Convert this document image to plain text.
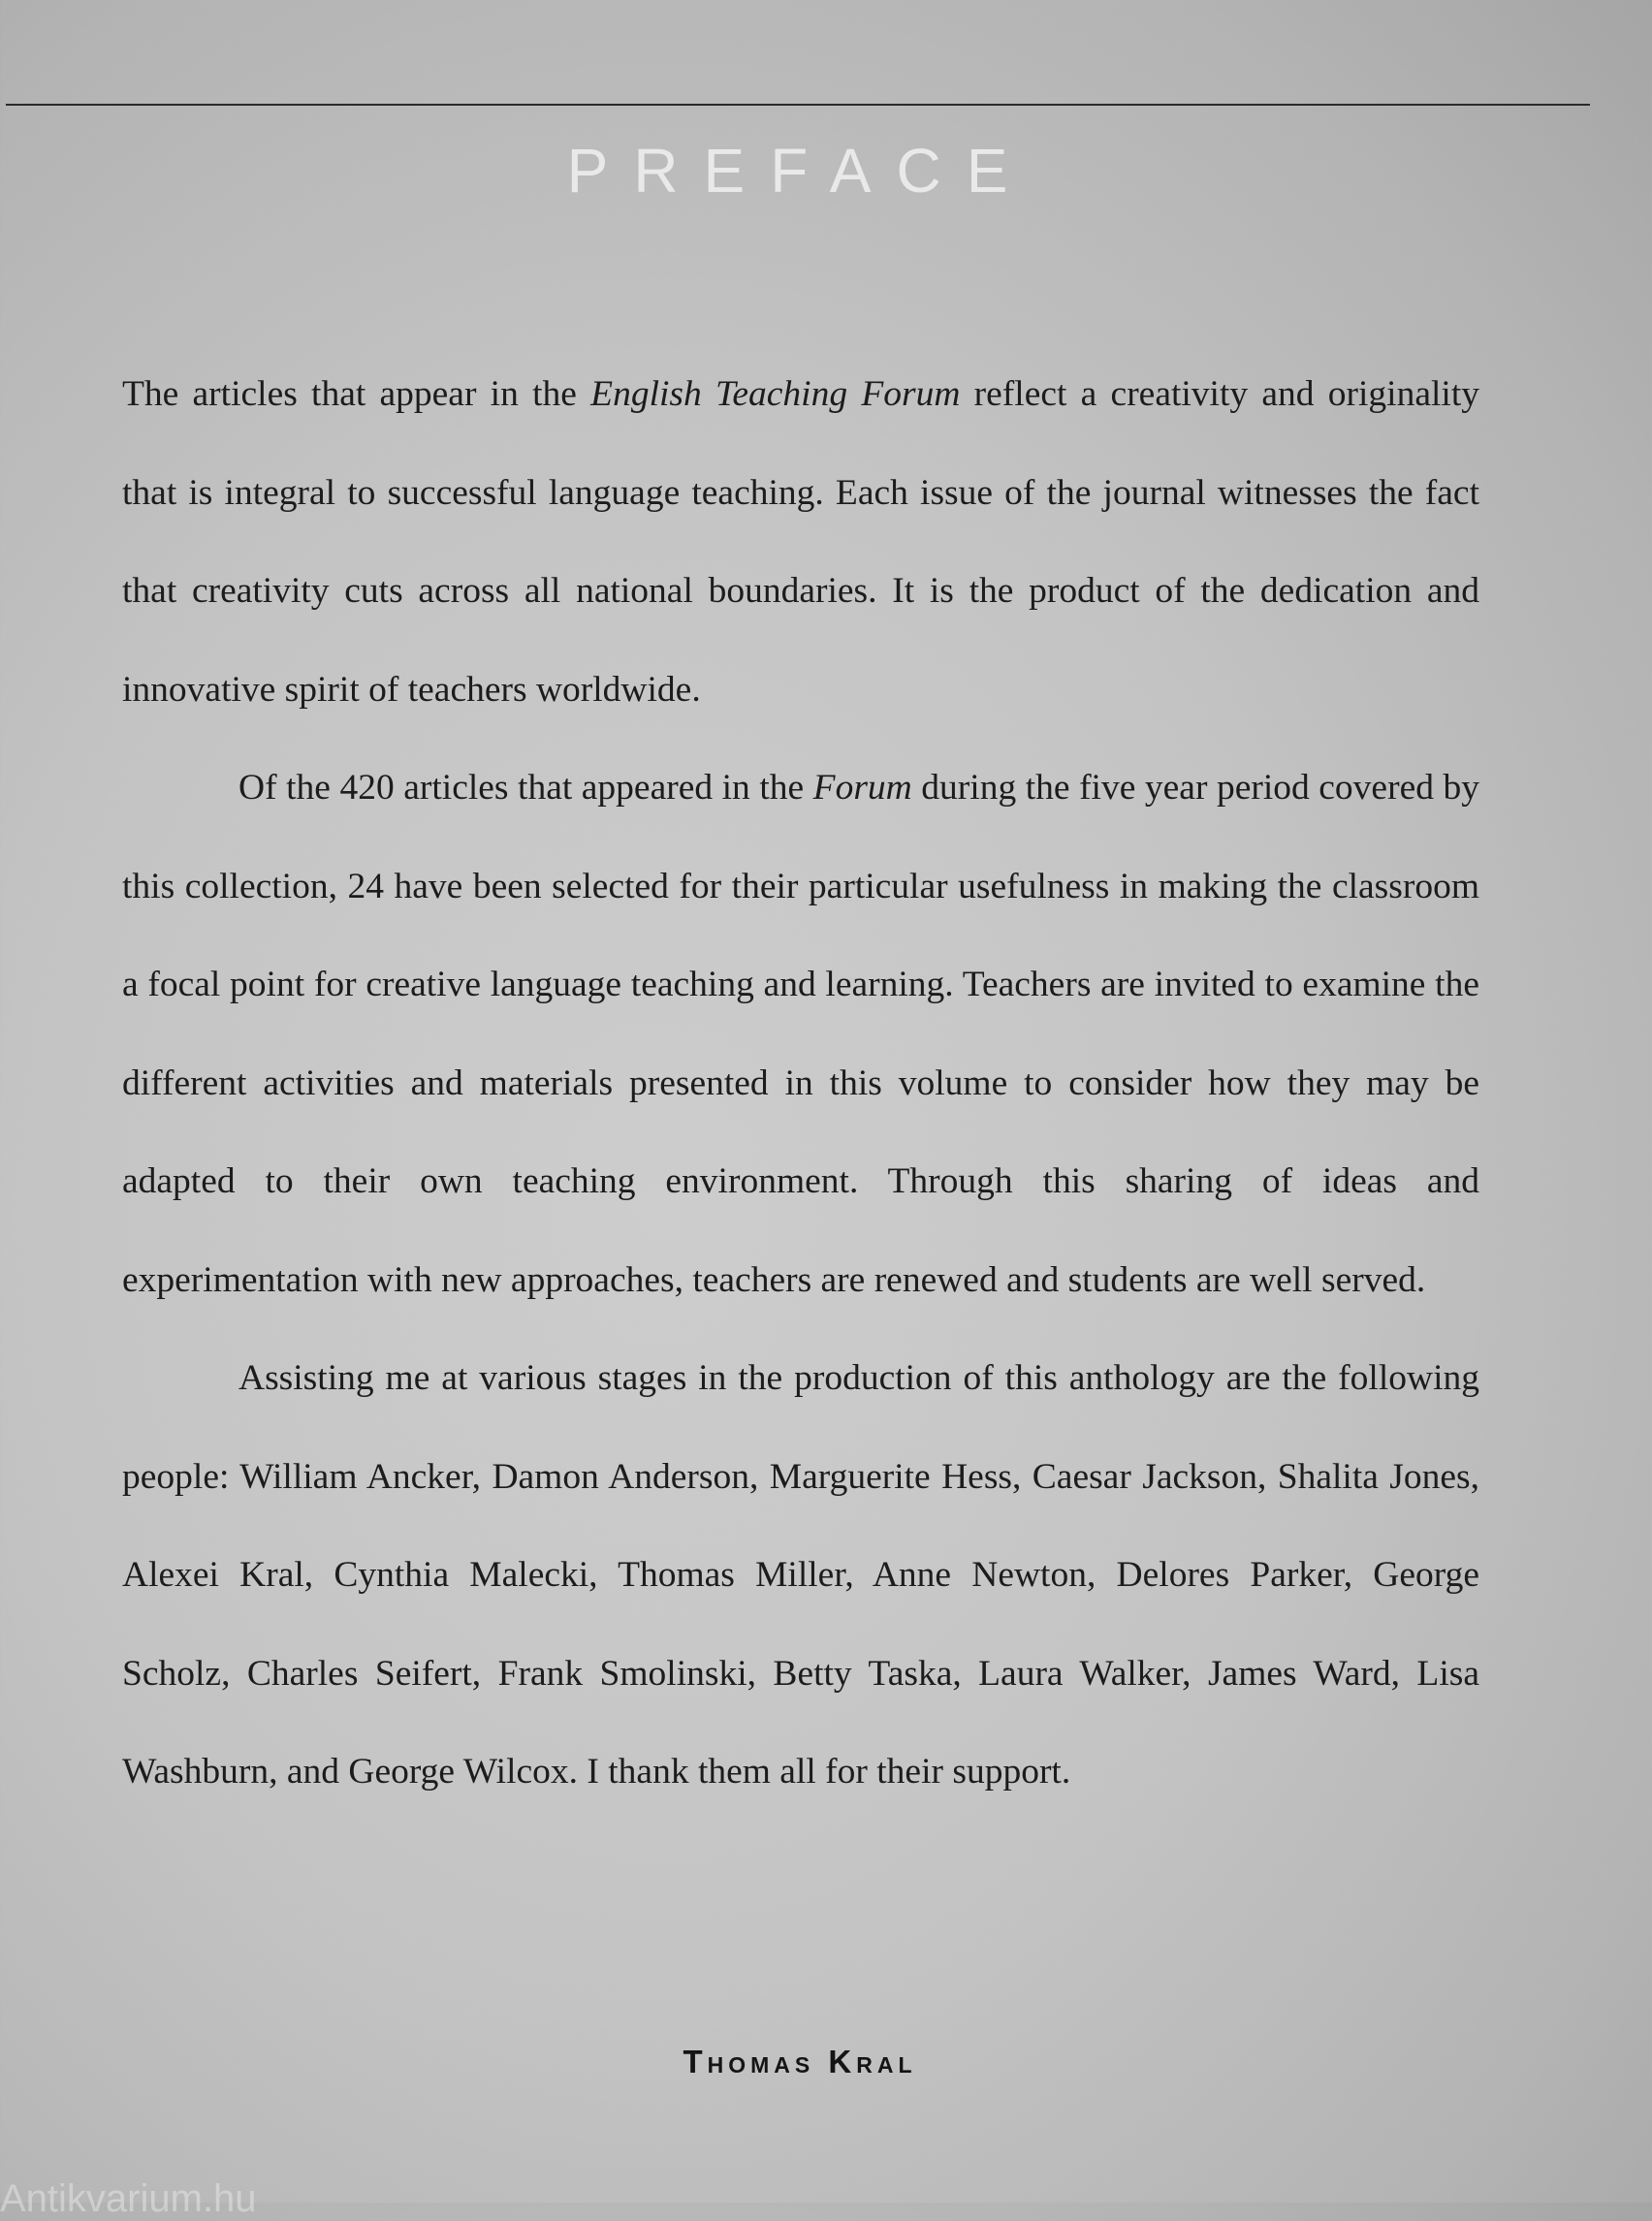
PREFACE

The articles that appear in the English Teaching Forum reflect a creativity and originality that is integral to successful language teaching. Each issue of the journal witnesses the fact that creativity cuts across all national boundaries. It is the product of the dedication and innovative spirit of teachers worldwide.

Of the 420 articles that appeared in the Forum during the five year period covered by this collection, 24 have been selected for their particular usefulness in making the classroom a focal point for creative language teaching and learning. Teachers are invited to examine the different activities and materials presented in this volume to consider how they may be adapted to their own teaching environment. Through this sharing of ideas and experimentation with new approaches, teachers are renewed and students are well served.

Assisting me at various stages in the production of this anthology are the following people: William Ancker, Damon Anderson, Marguerite Hess, Caesar Jackson, Shalita Jones, Alexei Kral, Cynthia Malecki, Thomas Miller, Anne Newton, Delores Parker, George Scholz, Charles Seifert, Frank Smolinski, Betty Taska, Laura Walker, James Ward, Lisa Washburn, and George Wilcox. I thank them all for their support.

Thomas Kral
Antikvarium.hu
